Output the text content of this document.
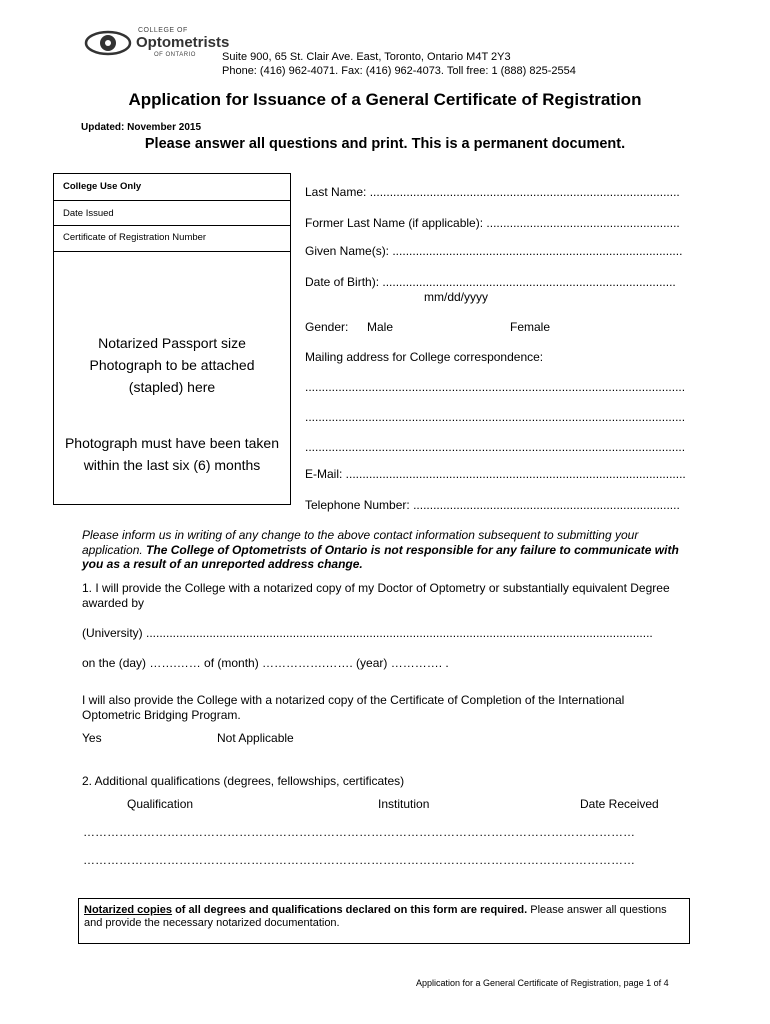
COLLEGE OF
Optometrists
OF ONTARIO Suite 900, 65 St. Clair Ave. East, Toronto, Ontario M4T 2Y3
Phone: (416) 962-4071. Fax: (416) 962-4073. Toll free: 1 (888) 825-2554
Application for Issuance of a General Certificate of Registration
Updated: November 2015
Please answer all questions and print. This is a permanent document.
College Use Only
Date Issued
Certificate of Registration Number
Notarized Passport size
Photograph to be attached
(stapled) here
Photograph must have been taken
within the last six (6) months
Last Name: .............................................................................................
Former Last Name (if applicable): ..........................................................
Given Name(s): .......................................................................................
Date of Birth): ........................................................................................
mm/dd/yyyy
Gender: Male	Female
Mailing address for College correspondence:
..................................................................................................................
..................................................................................................................
..................................................................................................................
E-Mail: ......................................................................................................
Telephone Number: ................................................................................
Please inform us in writing of any change to the above contact information subsequent to submitting your application. The College of Optometrists of Ontario is not responsible for any failure to communicate with you as a result of an unreported address change.
1. I will provide the College with a notarized copy of my Doctor of Optometry or substantially equivalent Degree awarded by
(University) ........................................................................................................................................................
on the (day) …….…… of (month) …………….……. (year) …………. .
I will also provide the College with a notarized copy of the Certificate of Completion of the International Optometric Bridging Program.
Yes	Not Applicable
2. Additional qualifications (degrees, fellowships, certificates)
Qualification	Institution	Date Received
…………………………………………………………………………………………………………………………
…………………………………………………………………………………………………………………………
Notarized copies of all degrees and qualifications declared on this form are required. Please answer all questions and provide the necessary notarized documentation.
Application for a General Certificate of Registration, page 1 of 4
